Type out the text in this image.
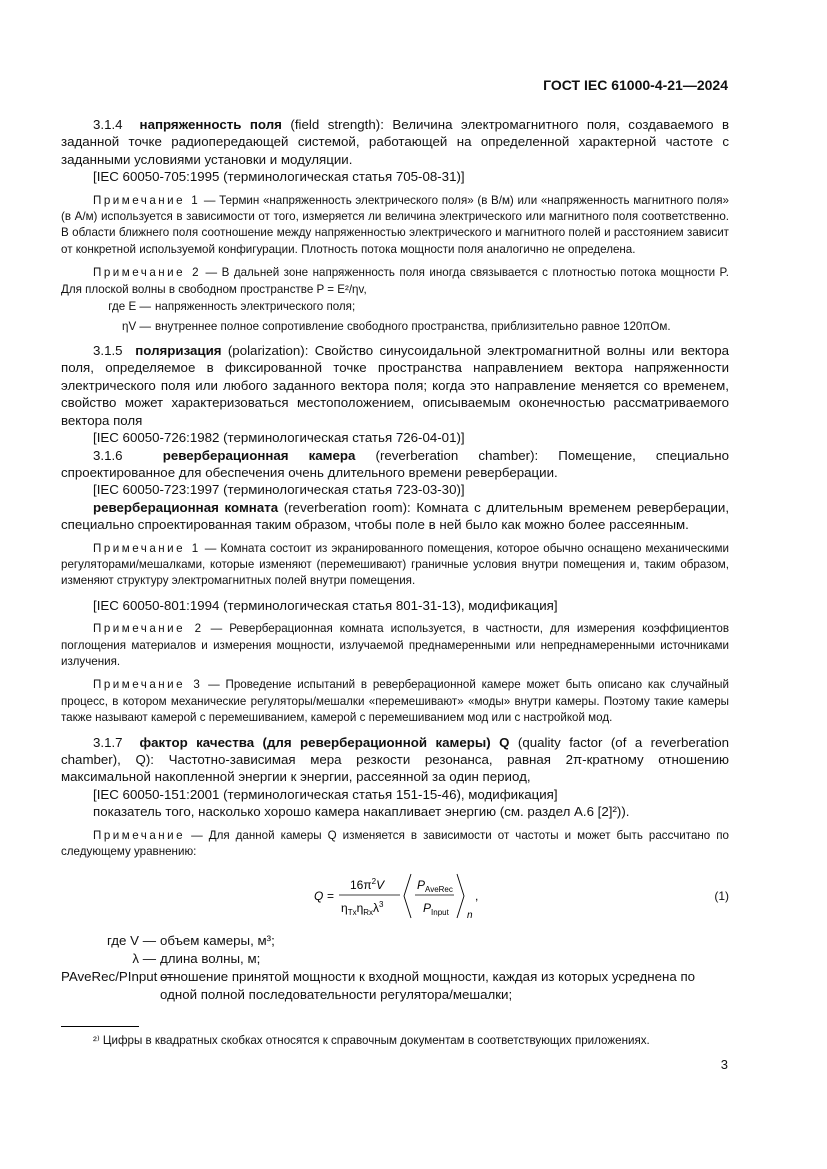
ГОСТ IEC 61000-4-21—2024

3.1.4 напряженность поля (field strength): Величина электромагнитного поля, создаваемого в заданной точке радиопередающей системой, работающей на определенной характерной частоте с заданными условиями установки и модуляции.

[IEC 60050-705:1995 (терминологическая статья 705-08-31)]

Примечание 1 — Термин «напряженность электрического поля» (в В/м) или «напряженность магнитного поля» (в А/м) используется в зависимости от того, измеряется ли величина электрического или магнитного поля соответственно. В области ближнего поля соотношение между напряженностью электрического и магнитного полей и расстоянием зависит от конкретной используемой конфигурации. Плотность потока мощности поля аналогично не определена.

Примечание 2 — В дальней зоне напряженность поля иногда связывается с плотностью потока мощности P. Для плоской волны в свободном пространстве P = E²/ηv,

где E — напряженность электрического поля;
ηV — внутреннее полное сопротивление свободного пространства, приблизительно равное 120πОм.

3.1.5 поляризация (polarization): Свойство синусоидальной электромагнитной волны или вектора поля, определяемое в фиксированной точке пространства направлением вектора напряженности электрического поля или любого заданного вектора поля; когда это направление меняется со временем, свойство может характеризоваться местоположением, описываемым оконечностью рассматриваемого вектора поля

[IEC 60050-726:1982 (терминологическая статья 726-04-01)]

3.1.6	реверберационная камера (reverberation chamber): Помещение, специально спроектированное для обеспечения очень длительного времени реверберации.

[IEC 60050-723:1997 (терминологическая статья 723-03-30)]

реверберационная комната (reverberation room): Комната с длительным временем реверберации, специально спроектированная таким образом, чтобы поле в ней было как можно более рассеянным.

Примечание 1 — Комната состоит из экранированного помещения, которое обычно оснащено механическими регуляторами/мешалками, которые изменяют (перемешивают) граничные условия внутри помещения и, таким образом, изменяют структуру электромагнитных полей внутри помещения.

[IEC 60050-801:1994 (терминологическая статья 801-31-13), модификация]

Примечание 2 — Реверберационная комната используется, в частности, для измерения коэффициентов поглощения материалов и измерения мощности, излучаемой преднамеренными или непреднамеренными источниками излучения.

Примечание 3 — Проведение испытаний в реверберационной камере может быть описано как случайный процесс, в котором механические регуляторы/мешалки «перемешивают» «моды» внутри камеры. Поэтому такие камеры также называют камерой с перемешиванием, камерой с перемешиванием мод или с настройкой мод.

3.1.7 фактор качества (для реверберационной камеры) Q (quality factor (of a reverberation chamber), Q): Частотно-зависимая мера резкости резонанса, равная 2π-кратному отношению максимальной накопленной энергии к энергии, рассеянной за один период,

[IEC 60050-151:2001 (терминологическая статья 151-15-46), модификация]

показатель того, насколько хорошо камера накапливает энергию (см. раздел А.6 [2]²)).

Примечание — Для данной камеры Q изменяется в зависимости от частоты и может быть рассчитано по следующему уравнению:

Q =
$16\pi^2V$
$\eta_{Tx}\eta_{Rx}\lambda^3$
$P_{AveRec}$
$P_{Input}$ n
,	(1)
где V — объем камеры, м³;
λ — длина волны, м;
PAveRec/PInput —
отношение принятой мощности к входной мощности, каждая из которых усреднена по одной полной последовательности регулятора/мешалки;
²⁾ Цифры в квадратных скобках относятся к справочным документам в соответствующих приложениях.
3
